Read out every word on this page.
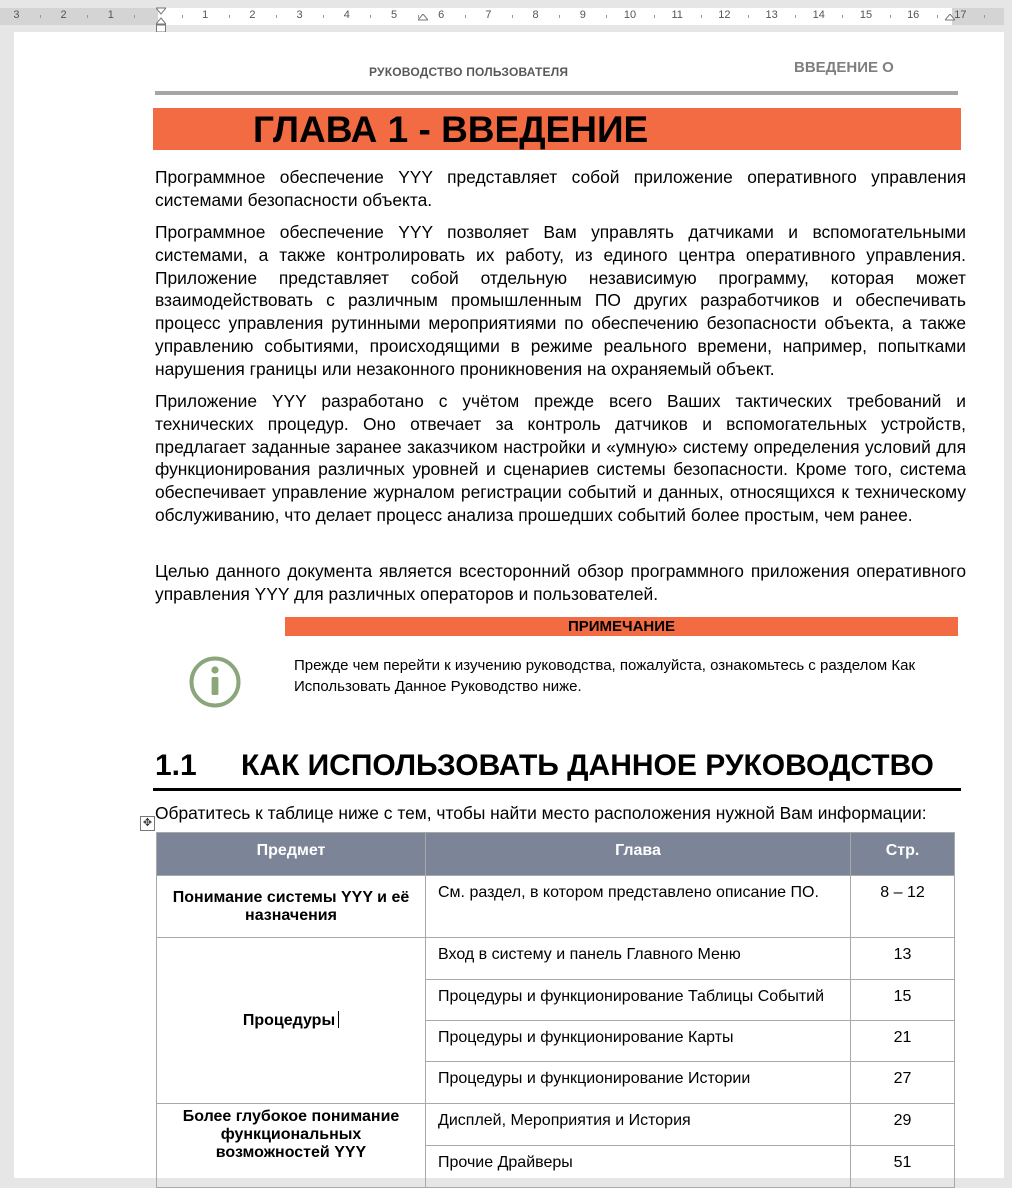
3	2	1	1	2	3	4	5	6	7	8	9	10	11	12	13	14	15	16	17
РУКОВОДСТВО ПОЛЬЗОВАТЕЛЯ	ВВЕДЕНИЕ О
ГЛАВА 1 - ВВЕДЕНИЕ
Программное обеспечение YYY представляет собой приложение оперативного управления системами безопасности объекта.
Программное обеспечение YYY позволяет Вам управлять датчиками и вспомогательными системами, а также контролировать их работу, из единого центра оперативного управления. Приложение представляет собой отдельную независимую программу, которая может взаимодействовать с различным промышленным ПО других разработчиков и обеспечивать процесс управления рутинными мероприятиями по обеспечению безопасности объекта, а также управлению событиями, происходящими в режиме реального времени, например, попытками нарушения границы или незаконного проникновения на охраняемый объект.
Приложение YYY разработано с учётом прежде всего Ваших тактических требований и технических процедур. Оно отвечает за контроль датчиков и вспомогательных устройств, предлагает заданные заранее заказчиком настройки и «умную» систему определения условий для функционирования различных уровней и сценариев системы безопасности. Кроме того, система обеспечивает управление журналом регистрации событий и данных, относящихся к техническому обслуживанию, что делает процесс анализа прошедших событий более простым, чем ранее.
Целью данного документа является всесторонний обзор программного приложения оперативного управления YYY для различных операторов и пользователей.
ПРИМЕЧАНИЕ
Прежде чем перейти к изучению руководства, пожалуйста, ознакомьтесь с разделом Как Использовать Данное Руководство ниже.
1.1 КАК ИСПОЛЬЗОВАТЬ ДАННОЕ РУКОВОДСТВО
Обратитесь к таблице ниже с тем, чтобы найти место расположения нужной Вам информации:
✥
Предмет	Глава	Стр.
Понимание системы YYY и её назначения	См. раздел, в котором представлено описание ПО.	8 – 12
Процедуры	Вход в систему и панель Главного Меню	13
	Процедуры и функционирование Таблицы Событий	15
	Процедуры и функционирование Карты	21
	Процедуры и функционирование Истории	27
Более глубокое понимание функциональных возможностей YYY	Дисплей, Мероприятия и История	29
	Прочие Драйверы	51
